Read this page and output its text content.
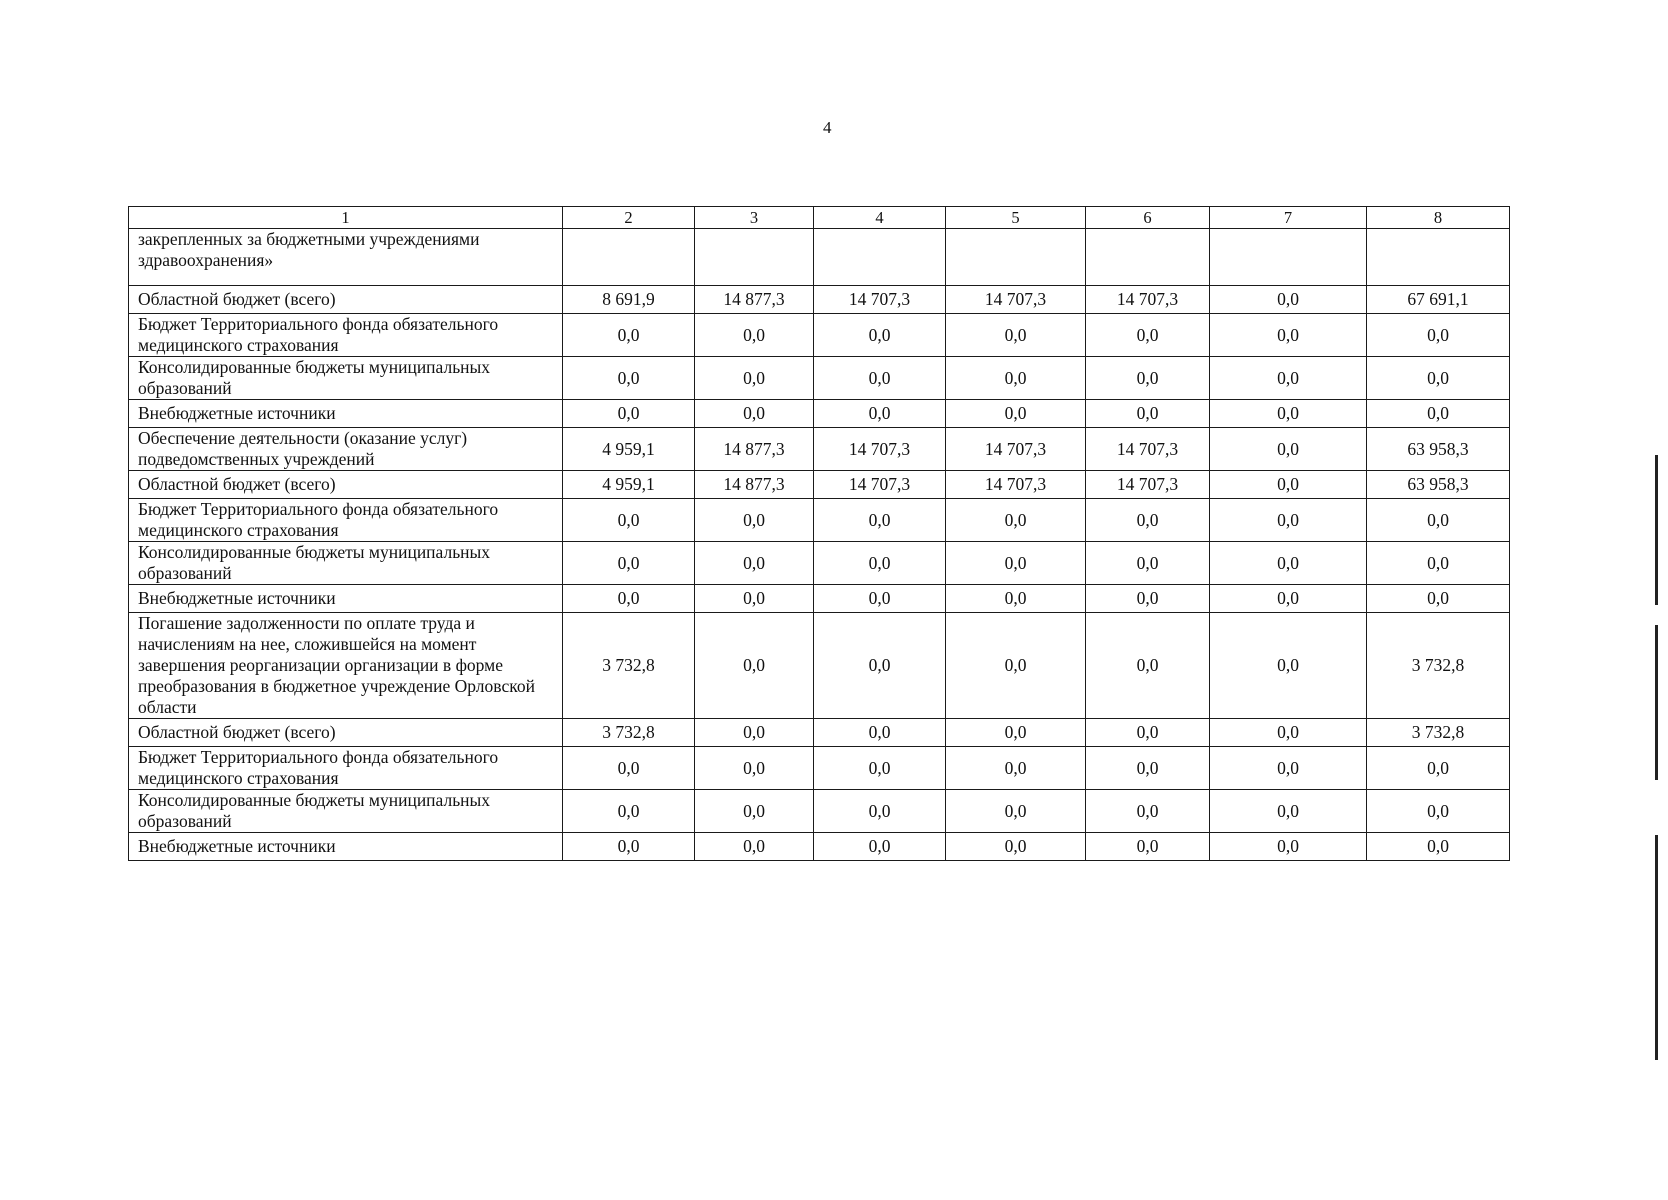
4
1	2	3	4	5	6	7	8
закрепленных за бюджетными учреждениями здравоохранения»							
Областной бюджет (всего)	8 691,9	14 877,3	14 707,3	14 707,3	14 707,3	0,0	67 691,1
Бюджет Территориального фонда обязательного медицинского страхования	0,0	0,0	0,0	0,0	0,0	0,0	0,0
Консолидированные бюджеты муниципальных образований	0,0	0,0	0,0	0,0	0,0	0,0	0,0
Внебюджетные источники	0,0	0,0	0,0	0,0	0,0	0,0	0,0
Обеспечение деятельности (оказание услуг) подведомственных учреждений	4 959,1	14 877,3	14 707,3	14 707,3	14 707,3	0,0	63 958,3
Областной бюджет (всего)	4 959,1	14 877,3	14 707,3	14 707,3	14 707,3	0,0	63 958,3
Бюджет Территориального фонда обязательного медицинского страхования	0,0	0,0	0,0	0,0	0,0	0,0	0,0
Консолидированные бюджеты муниципальных образований	0,0	0,0	0,0	0,0	0,0	0,0	0,0
Внебюджетные источники	0,0	0,0	0,0	0,0	0,0	0,0	0,0
Погашение задолженности по оплате труда и начислениям на нее, сложившейся на момент завершения реорганизации организации в форме преобразования в бюджетное учреждение Орловской области	3 732,8	0,0	0,0	0,0	0,0	0,0	3 732,8
Областной бюджет (всего)	3 732,8	0,0	0,0	0,0	0,0	0,0	3 732,8
Бюджет Территориального фонда обязательного медицинского страхования	0,0	0,0	0,0	0,0	0,0	0,0	0,0
Консолидированные бюджеты муниципальных образований	0,0	0,0	0,0	0,0	0,0	0,0	0,0
Внебюджетные источники	0,0	0,0	0,0	0,0	0,0	0,0	0,0
